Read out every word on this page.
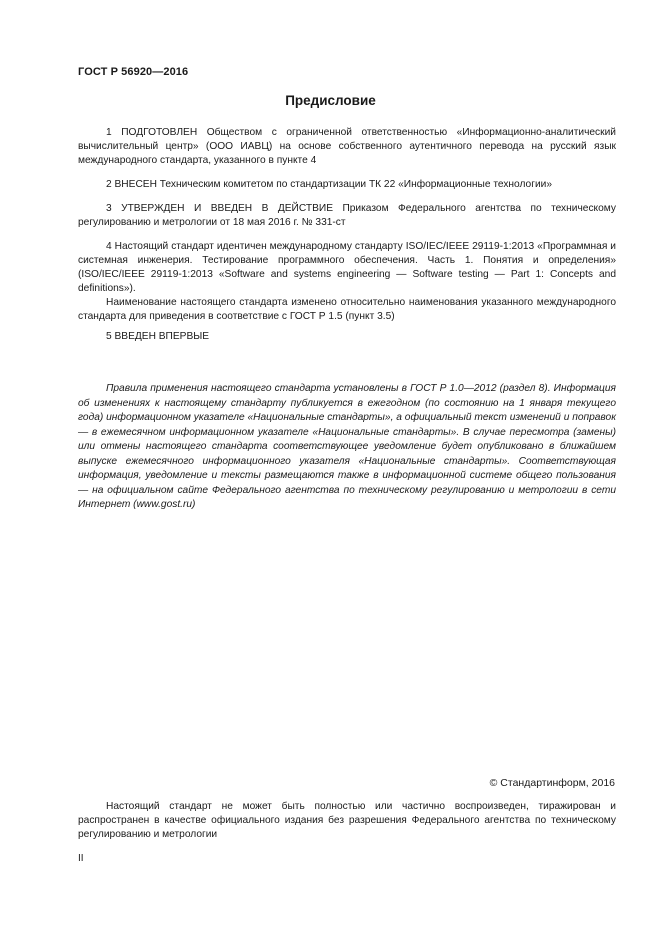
ГОСТ Р 56920—2016
Предисловие

1 ПОДГОТОВЛЕН Обществом с ограниченной ответственностью «Информационно-аналитический вычислительный центр» (ООО ИАВЦ) на основе собственного аутентичного перевода на русский язык международного стандарта, указанного в пункте 4

2 ВНЕСЕН Техническим комитетом по стандартизации ТК 22 «Информационные технологии»

3 УТВЕРЖДЕН И ВВЕДЕН В ДЕЙСТВИЕ Приказом Федерального агентства по техническому регулированию и метрологии от 18 мая 2016 г. № 331-ст

4 Настоящий стандарт идентичен международному стандарту ISO/IEC/IEEE 29119-1:2013 «Программная и системная инженерия. Тестирование программного обеспечения. Часть 1. Понятия и определения» (ISO/IEC/IEEE 29119-1:2013 «Software and systems engineering — Software testing — Part 1: Concepts and definitions»).

Наименование настоящего стандарта изменено относительно наименования указанного международного стандарта для приведения в соответствие с ГОСТ Р 1.5 (пункт 3.5)

5 ВВЕДЕН ВПЕРВЫЕ

Правила применения настоящего стандарта установлены в ГОСТ Р 1.0—2012 (раздел 8). Информация об изменениях к настоящему стандарту публикуется в ежегодном (по состоянию на 1 января текущего года) информационном указателе «Национальные стандарты», а официальный текст изменений и поправок — в ежемесячном информационном указателе «Национальные стандарты». В случае пересмотра (замены) или отмены настоящего стандарта соответствующее уведомление будет опубликовано в ближайшем выпуске ежемесячного информационного указателя «Национальные стандарты». Соответствующая информация, уведомление и тексты размещаются также в информационной системе общего пользования — на официальном сайте Федерального агентства по техническому регулированию и метрологии в сети Интернет (www.gost.ru)

© Стандартинформ, 2016

Настоящий стандарт не может быть полностью или частично воспроизведен, тиражирован и распространен в качестве официального издания без разрешения Федерального агентства по техническому регулированию и метрологии

II
